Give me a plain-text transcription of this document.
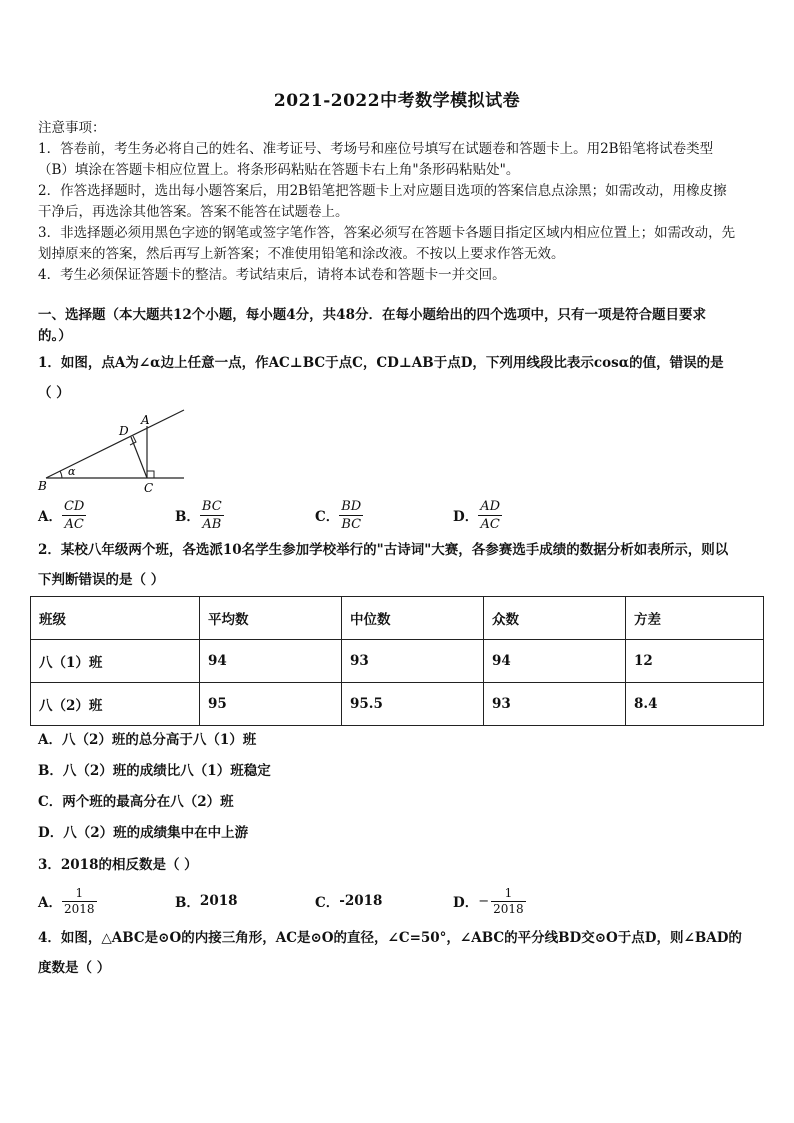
2021-2022中考数学模拟试卷
注意事项：
1．答卷前，考生务必将自己的姓名、准考证号、考场号和座位号填写在试题卷和答题卡上。用2B铅笔将试卷类型
（B）填涂在答题卡相应位置上。将条形码粘贴在答题卡右上角"条形码粘贴处"。
2．作答选择题时，选出每小题答案后，用2B铅笔把答题卡上对应题目选项的答案信息点涂黑；如需改动，用橡皮擦
干净后，再选涂其他答案。答案不能答在试题卷上。
3．非选择题必须用黑色字迹的钢笔或签字笔作答，答案必须写在答题卡各题目指定区域内相应位置上；如需改动，先
划掉原来的答案，然后再写上新答案；不准使用铅笔和涂改液。不按以上要求作答无效。
4．考生必须保证答题卡的整洁。考试结束后，请将本试卷和答题卡一并交回。
一、选择题（本大题共12个小题，每小题4分，共48分．在每小题给出的四个选项中，只有一项是符合题目要求
的。）
1．如图，点A为∠α边上任意一点，作AC⊥BC于点C，CD⊥AB于点D，下列用线段比表示cosα的值，错误的是
（ ）
B	C
A
D
α
A． $\frac{CD}{AC}$	B． $\frac{BC}{AB}$	C． $\frac{BD}{BC}$	D． $\frac{AD}{AC}$
2．某校八年级两个班，各选派10名学生参加学校举行的"古诗词"大赛，各参赛选手成绩的数据分析如表所示，则以
下判断错误的是（ ）
班级	平均数	中位数	众数	方差
八（1）班	94	93	94	12
八（2）班	95	95.5	93	8.4
A．八（2）班的总分高于八（1）班
B．八（2）班的成绩比八（1）班稳定
C．两个班的最高分在八（2）班
D．八（2）班的成绩集中在中上游
3．2018的相反数是（ ）
A． $\frac{1}{2018}$	B． 2018	C． -2018	D． − $\frac{1}{2018}$
4．如图，△ABC是⊙O的内接三角形，AC是⊙O的直径，∠C=50°，∠ABC的平分线BD交⊙O于点D，则∠BAD的
度数是（ ）
